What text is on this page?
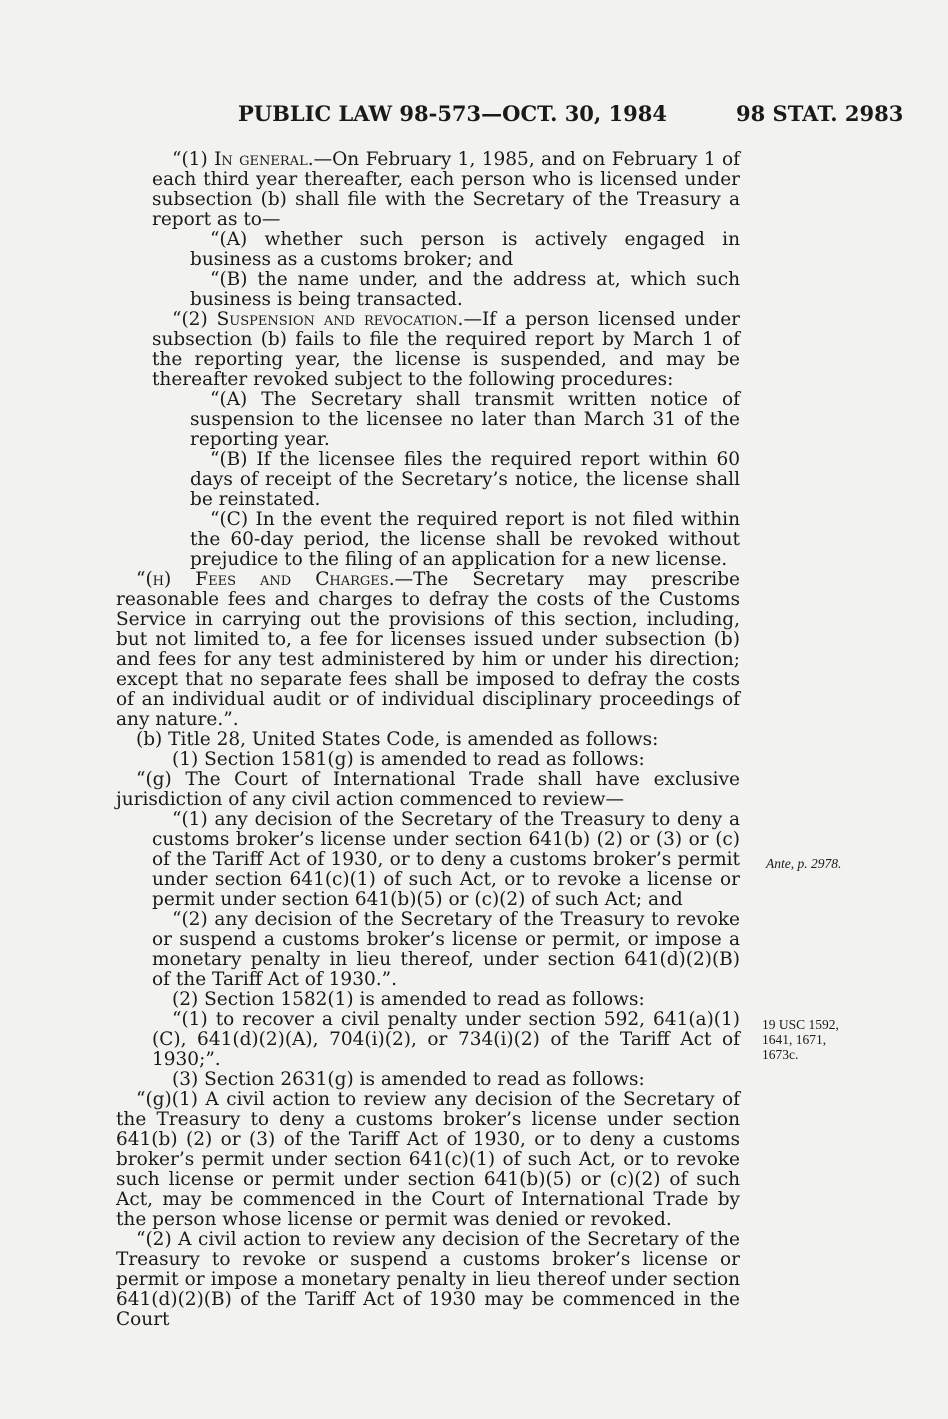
PUBLIC LAW 98-573—OCT. 30, 1984	98 STAT. 2983

“(1) In general.—On February 1, 1985, and on February 1 of each third year thereafter, each person who is licensed under subsection (b) shall file with the Secretary of the Treasury a report as to—

“(A) whether such person is actively engaged in business as a customs broker; and

“(B) the name under, and the address at, which such business is being transacted.

“(2) Suspension and revocation.—If a person licensed under subsection (b) fails to file the required report by March 1 of the reporting year, the license is suspended, and may be thereafter revoked subject to the following procedures:

“(A) The Secretary shall transmit written notice of suspension to the licensee no later than March 31 of the reporting year.

“(B) If the licensee files the required report within 60 days of receipt of the Secretary’s notice, the license shall be reinstated.

“(C) In the event the required report is not filed within the 60-day period, the license shall be revoked without prejudice to the filing of an application for a new license.

“(h) Fees and Charges.—The Secretary may prescribe reasonable fees and charges to defray the costs of the Customs Service in carrying out the provisions of this section, including, but not limited to, a fee for licenses issued under subsection (b) and fees for any test administered by him or under his direction; except that no separate fees shall be imposed to defray the costs of an individual audit or of individual disciplinary proceedings of any nature.”.

(b) Title 28, United States Code, is amended as follows:

(1) Section 1581(g) is amended to read as follows:

“(g) The Court of International Trade shall have exclusive jurisdiction of any civil action commenced to review—

“(1) any decision of the Secretary of the Treasury to deny a customs broker’s license under section 641(b) (2) or (3) or (c) of the Tariff Act of 1930, or to deny a customs broker’s permit under section 641(c)(1) of such Act, or to revoke a license or permit under section 641(b)(5) or (c)(2) of such Act; and

“(2) any decision of the Secretary of the Treasury to revoke or suspend a customs broker’s license or permit, or impose a monetary penalty in lieu thereof, under section 641(d)(2)(B) of the Tariff Act of 1930.”.

(2) Section 1582(1) is amended to read as follows:

“(1) to recover a civil penalty under section 592, 641(a)(1)(C), 641(d)(2)(A), 704(i)(2), or 734(i)(2) of the Tariff Act of 1930;”.

(3) Section 2631(g) is amended to read as follows:

“(g)(1) A civil action to review any decision of the Secretary of the Treasury to deny a customs broker’s license under section 641(b) (2) or (3) of the Tariff Act of 1930, or to deny a customs broker’s permit under section 641(c)(1) of such Act, or to revoke such license or permit under section 641(b)(5) or (c)(2) of such Act, may be commenced in the Court of International Trade by the person whose license or permit was denied or revoked.

“(2) A civil action to review any decision of the Secretary of the Treasury to revoke or suspend a customs broker’s license or permit or impose a monetary penalty in lieu thereof under section 641(d)(2)(B) of the Tariff Act of 1930 may be commenced in the Court

Ante, p. 2978.
19 USC 1592,
1641, 1671,
1673c.
